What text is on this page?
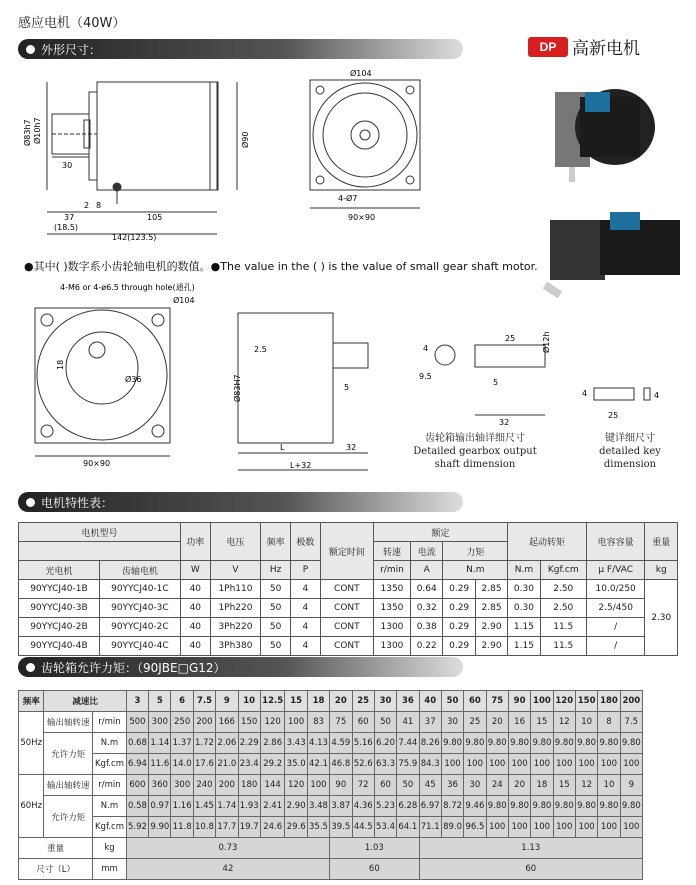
感应电机（40W）
DP 高新电机
外形尺寸：
Ø83h7 Ø10h7	Ø90
30
2 8
37
(18.5)
105
142(123.5)
Ø104
4-Ø7
90×90
●其中( )数字系小齿轮轴电机的数值。●The value in the ( ) is the value of small gear shaft motor.
4-M6 or 4-ø6.5 through hole(通孔)
Ø104
18
Ø36
90×90
2.5
Ø83H7	5
L	32
L+32
4
9.5
25	Ø12h
5
32
4	4
25
齿轮箱输出轴详细尺寸
Detailed gearbox output shaft dimension
键详细尺寸
detailed key dimension
电机特性表：
电机型号		功率	电压	频率	极数	额定时间	额定				起动转矩		电容容量	重量
							转速	电流	力矩					
光电机	齿轴电机	W	V	Hz	P		r/min	A	N.m		N.m	Kgf.cm	μ F/VAC	kg
90YYCJ40-1B	90YYCJ40-1C	40	1Ph110	50	4	CONT	1350	0.64	0.29	2.85	0.30	2.50	10.0/250	2.30
90YYCJ40-3B	90YYCJ40-3C	40	1Ph220	50	4	CONT	1350	0.32	0.29	2.85	0.30	2.50	2.5/450	
90YYCJ40-2B	90YYCJ40-2C	40	3Ph220	50	4	CONT	1300	0.38	0.29	2.90	1.15	11.5	/	
90YYCJ40-4B	90YYCJ40-4C	40	3Ph380	50	4	CONT	1300	0.22	0.29	2.90	1.15	11.5	/	
齿轮箱允许力矩：（90JBE□G12）
频率	减速比		3	5	6	7.5	9	10	12.5	15	18	20	25	30	36	40	50	60	75	90	100	120	150	180	200
50Hz	输出轴转速	r/min	500	300	250	200	166	150	120	100	83	75	60	50	41	37	30	25	20	16	15	12	10	8	7.5
	允许力矩	N.m	0.68	1.14	1.37	1.72	2.06	2.29	2.86	3.43	4.13	4.59	5.16	6.20	7.44	8.26	9.80	9.80	9.80	9.80	9.80	9.80	9.80	9.80	9.80
		Kgf.cm	6.94	11.6	14.0	17.6	21.0	23.4	29.2	35.0	42.1	46.8	52.6	63.3	75.9	84.3	100	100	100	100	100	100	100	100	100
60Hz	输出轴转速	r/min	600	360	300	240	200	180	144	120	100	90	72	60	50	45	36	30	24	20	18	15	12	10	9
	允许力矩	N.m	0.58	0.97	1.16	1.45	1.74	1.93	2.41	2.90	3.48	3.87	4.36	5.23	6.28	6.97	8.72	9.46	9.80	9.80	9.80	9.80	9.80	9.80	9.80
		Kgf.cm	5.92	9.90	11.8	10.8	17.7	19.7	24.6	29.6	35.5	39.5	44.5	53.4	64.1	71.1	89.0	96.5	100	100	100	100	100	100	100
重量		kg	0.73									1.03				1.13									
尺寸（L）		mm	42									60				60									
